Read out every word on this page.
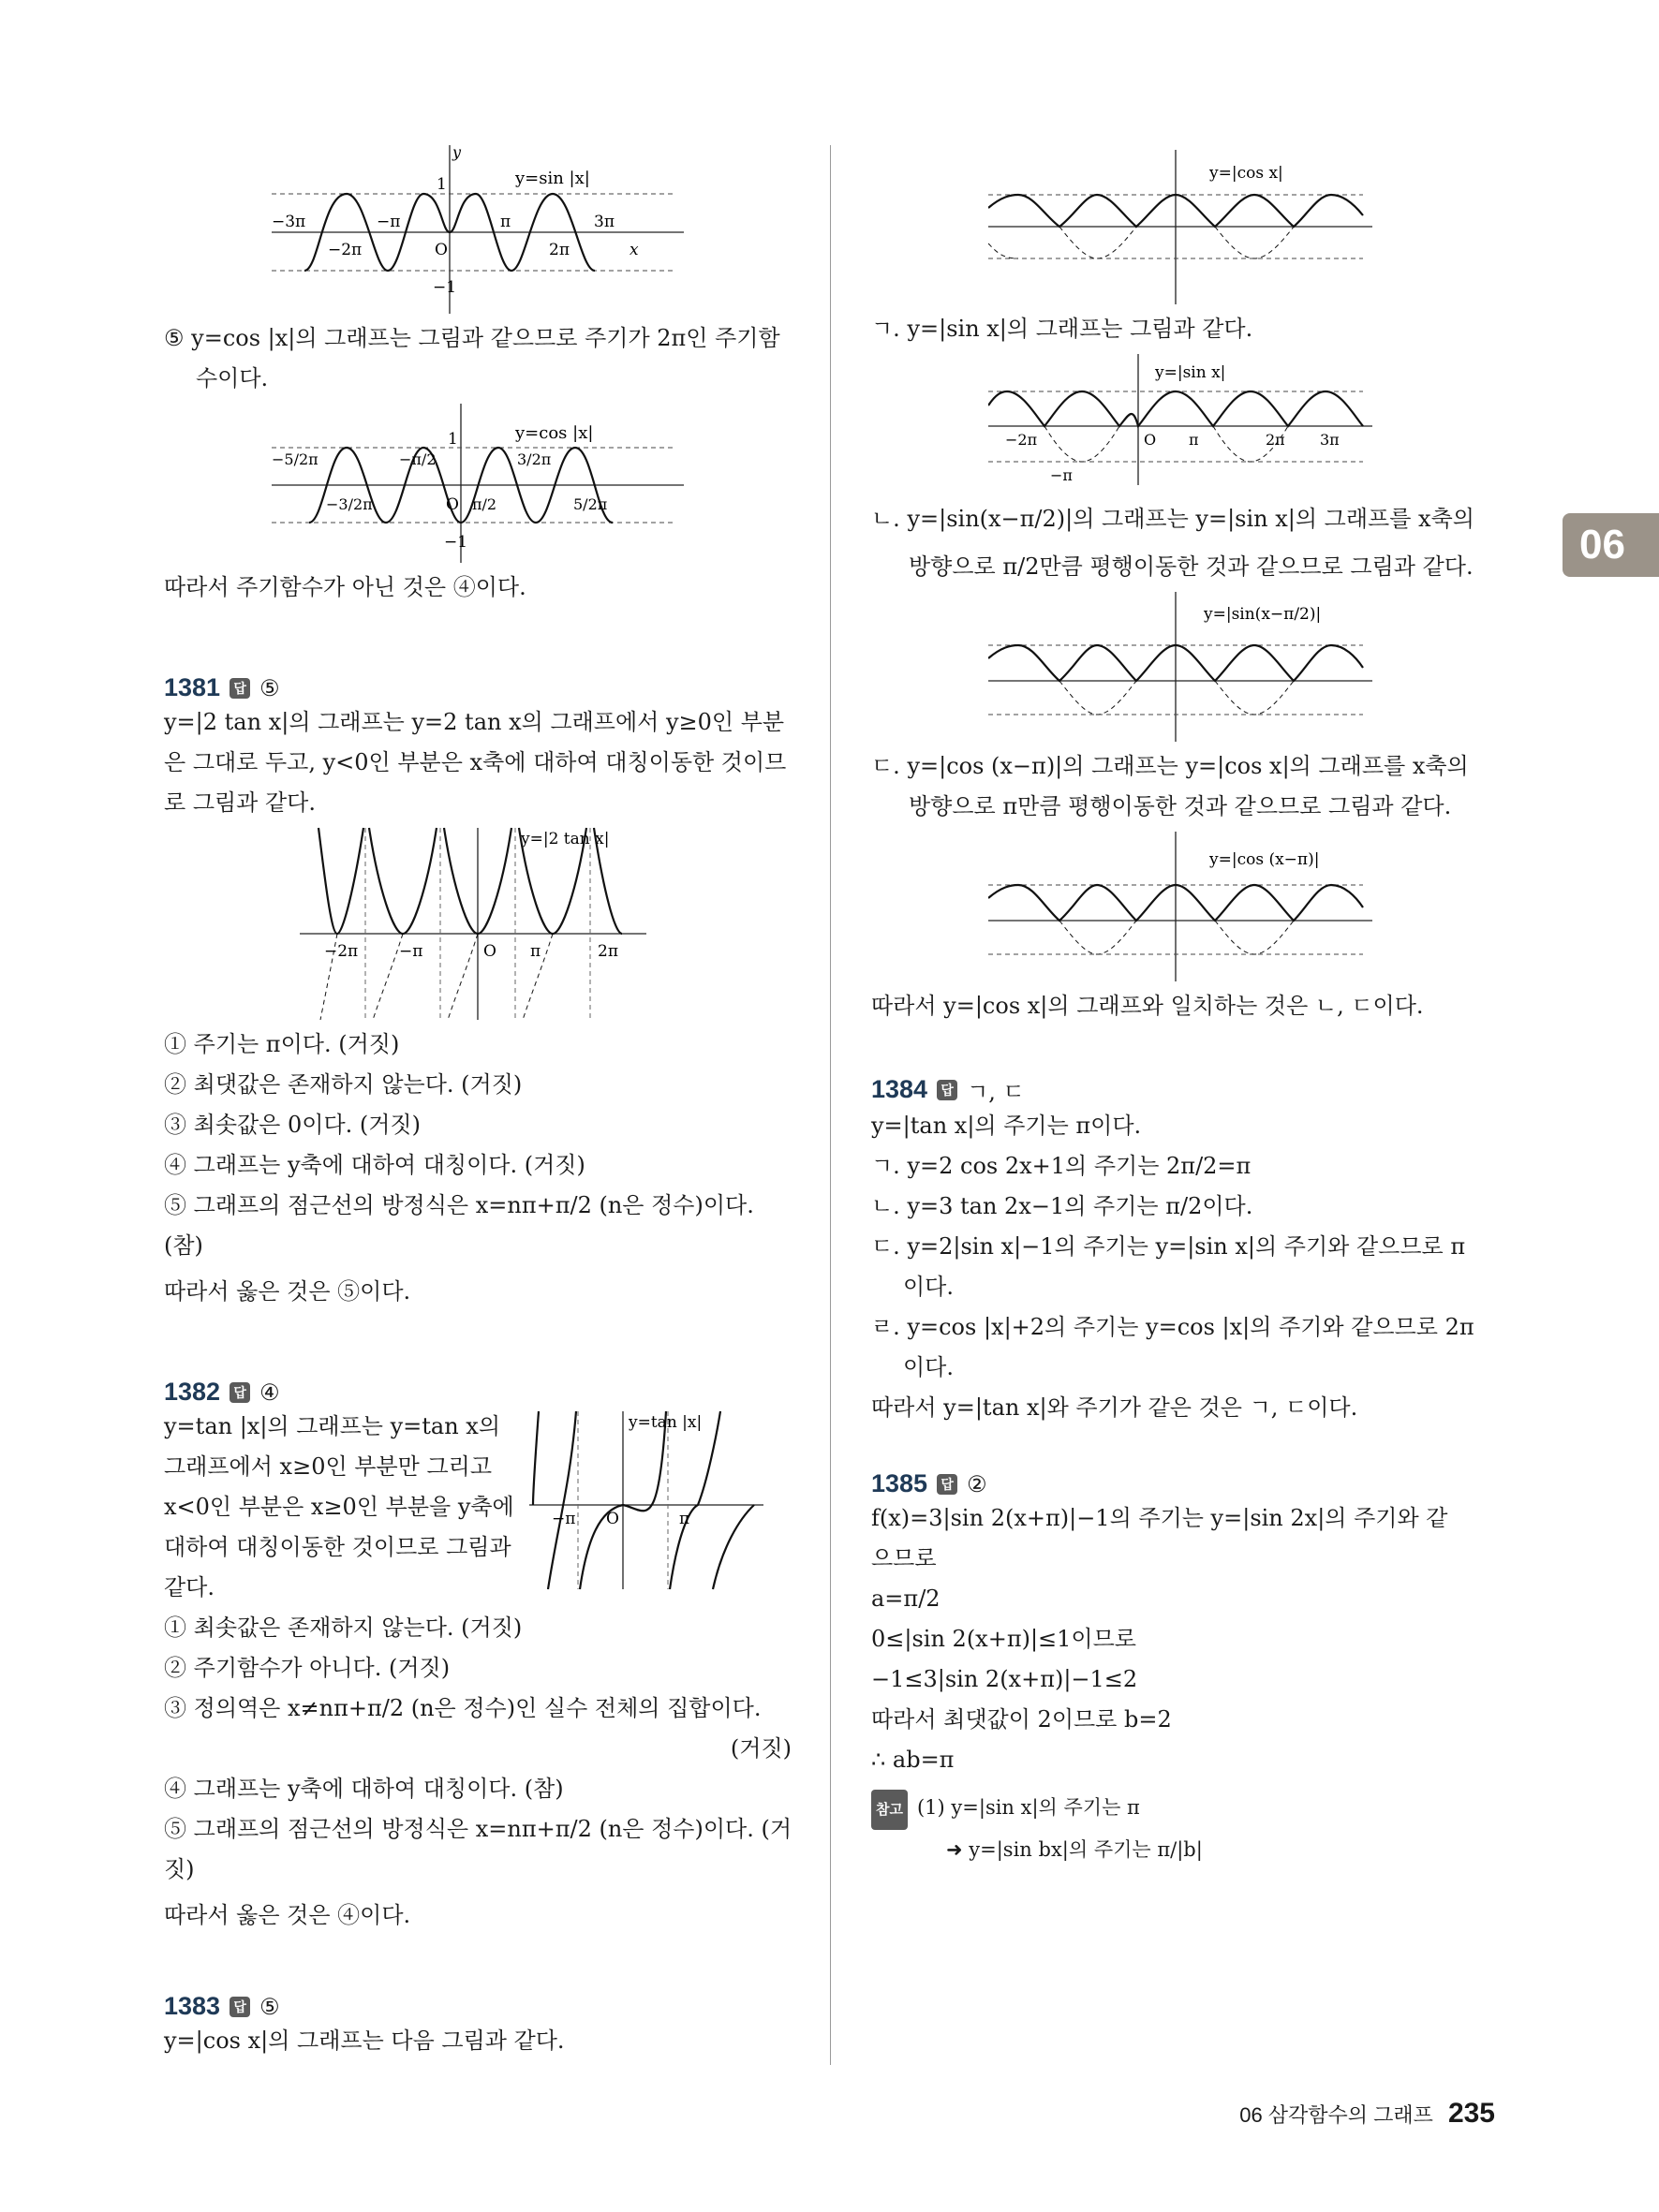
06
y
1
−1
y=sin |x|
−3π
−2π
−π
O
π
2π
3π
x

⑤ y=cos |x|의 그래프는 그림과 같으므로 주기가 2π인 주기함

수이다.

y=cos |x|
1
−1
−5/2π
−3/2π
−π/2
O π/2
3/2π
5/2π

따라서 주기함수가 아닌 것은 ④이다.

1381	답 ⑤

y=|2 tan x|의 그래프는 y=2 tan x의 그래프에서 y≥0인 부분

은 그대로 두고, y<0인 부분은 x축에 대하여 대칭이동한 것이므

로 그림과 같다.

y=|2 tan x|
−2π	−π	O π	2π

① 주기는 π이다. (거짓)

② 최댓값은 존재하지 않는다. (거짓)

③ 최솟값은 0이다. (거짓)

④ 그래프는 y축에 대하여 대칭이다. (거짓)

⑤ 그래프의 점근선의 방정식은 x=nπ+π/2 (n은 정수)이다. (참)

따라서 옳은 것은 ⑤이다.

1382	답 ④

y=tan |x|의 그래프는 y=tan x의

그래프에서 x≥0인 부분만 그리고

x<0인 부분은 x≥0인 부분을 y축에

대하여 대칭이동한 것이므로 그림과

같다.

y=tan |x|
−π O	π

① 최솟값은 존재하지 않는다. (거짓)

② 주기함수가 아니다. (거짓)

③ 정의역은 x≠nπ+π/2 (n은 정수)인 실수 전체의 집합이다.

(거짓)

④ 그래프는 y축에 대하여 대칭이다. (참)

⑤ 그래프의 점근선의 방정식은 x=nπ+π/2 (n은 정수)이다. (거짓)

따라서 옳은 것은 ④이다.

1383	답 ⑤

y=|cos x|의 그래프는 다음 그림과 같다.

y=|cos x|

ㄱ. y=|sin x|의 그래프는 그림과 같다.

y=|sin x|
−2π
−π
O π	2π 3π

ㄴ. y=|sin(x−π/2)|의 그래프는 y=|sin x|의 그래프를 x축의

방향으로 π/2만큼 평행이동한 것과 같으므로 그림과 같다.

y=|sin(x−π/2)|

ㄷ. y=|cos (x−π)|의 그래프는 y=|cos x|의 그래프를 x축의

방향으로 π만큼 평행이동한 것과 같으므로 그림과 같다.

y=|cos (x−π)|

따라서 y=|cos x|의 그래프와 일치하는 것은 ㄴ, ㄷ이다.

1384	답 ㄱ, ㄷ

y=|tan x|의 주기는 π이다.

ㄱ. y=2 cos 2x+1의 주기는 2π/2=π

ㄴ. y=3 tan 2x−1의 주기는 π/2이다.

ㄷ. y=2|sin x|−1의 주기는 y=|sin x|의 주기와 같으므로 π

이다.

ㄹ. y=cos |x|+2의 주기는 y=cos |x|의 주기와 같으므로 2π

이다.

따라서 y=|tan x|와 주기가 같은 것은 ㄱ, ㄷ이다.

1385	답 ②

f(x)=3|sin 2(x+π)|−1의 주기는 y=|sin 2x|의 주기와 같

으므로

a=π/2

0≤|sin 2(x+π)|≤1이므로

−1≤3|sin 2(x+π)|−1≤2

따라서 최댓값이 2이므로 b=2

∴ ab=π

참고 (1) y=|sin x|의 주기는 π

➜ y=|sin bx|의 주기는 π/|b|

06 삼각함수의 그래프 235
